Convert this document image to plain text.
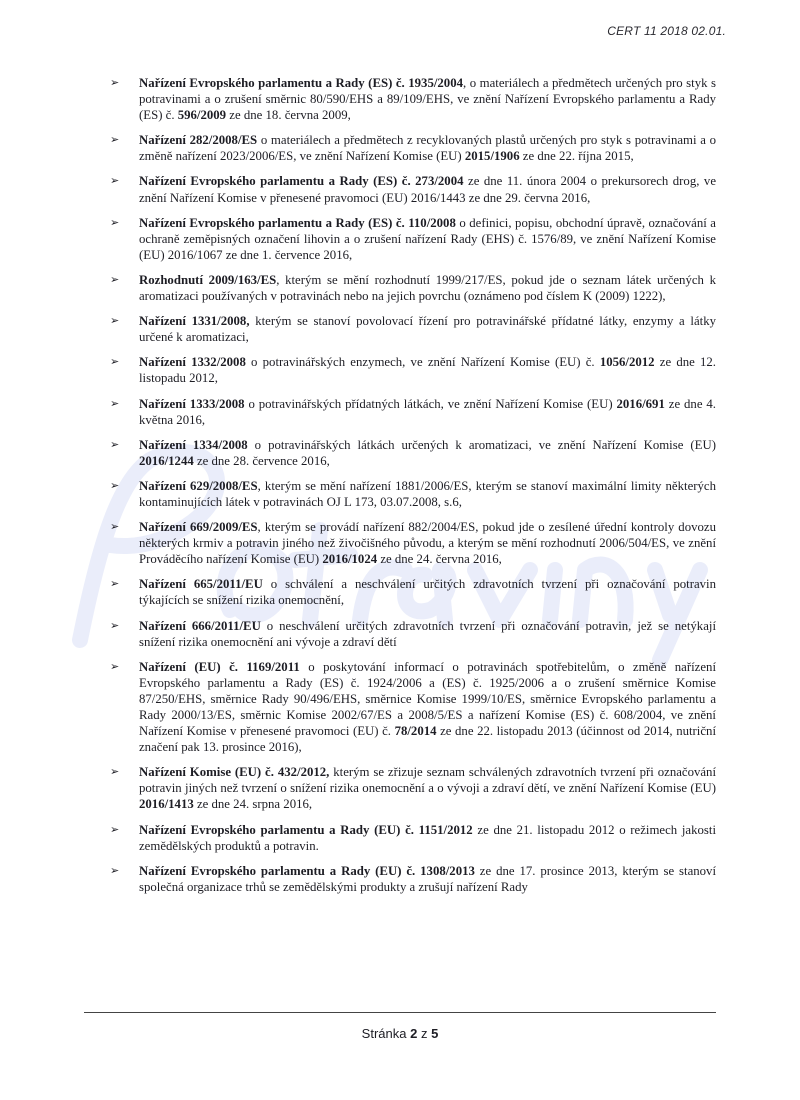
CERT 11 2018 02.01.
➢ Nařízení Evropského parlamentu a Rady (ES) č. 1935/2004, o materiálech a předmětech určených pro styk s potravinami a o zrušení směrnic 80/590/EHS a 89/109/EHS, ve znění Nařízení Evropského parlamentu a Rady (ES) č. 596/2009 ze dne 18. června 2009,
➢ Nařízení 282/2008/ES o materiálech a předmětech z recyklovaných plastů určených pro styk s potravinami a o změně nařízení 2023/2006/ES, ve znění Nařízení Komise (EU) 2015/1906 ze dne 22. října 2015,
➢ Nařízení Evropského parlamentu a Rady (ES) č. 273/2004 ze dne 11. února 2004 o prekursorech drog, ve znění Nařízení Komise v přenesené pravomoci (EU) 2016/1443 ze dne 29. června 2016,
➢ Nařízení Evropského parlamentu a Rady (ES) č. 110/2008 o definici, popisu, obchodní úpravě, označování a ochraně zeměpisných označení lihovin a o zrušení nařízení Rady (EHS) č. 1576/89, ve znění Nařízení Komise (EU) 2016/1067 ze dne 1. července 2016,
➢ Rozhodnutí 2009/163/ES, kterým se mění rozhodnutí 1999/217/ES, pokud jde o seznam látek určených k aromatizaci používaných v potravinách nebo na jejich povrchu (oznámeno pod číslem K (2009) 1222),
➢ Nařízení 1331/2008, kterým se stanoví povolovací řízení pro potravinářské přídatné látky, enzymy a látky určené k aromatizaci,
➢ Nařízení 1332/2008 o potravinářských enzymech, ve znění Nařízení Komise (EU) č. 1056/2012 ze dne 12. listopadu 2012,
➢ Nařízení 1333/2008 o potravinářských přídatných látkách, ve znění Nařízení Komise (EU) 2016/691 ze dne 4. května 2016,
➢ Nařízení 1334/2008 o potravinářských látkách určených k aromatizaci, ve znění Nařízení Komise (EU) 2016/1244 ze dne 28. července 2016,
➢ Nařízení 629/2008/ES, kterým se mění nařízení 1881/2006/ES, kterým se stanoví maximální limity některých kontaminujících látek v potravinách OJ L 173, 03.07.2008, s.6,
➢ Nařízení 669/2009/ES, kterým se provádí nařízení 882/2004/ES, pokud jde o zesílené úřední kontroly dovozu některých krmiv a potravin jiného než živočišného původu, a kterým se mění rozhodnutí 2006/504/ES, ve znění Prováděcího nařízení Komise (EU) 2016/1024 ze dne 24. června 2016,
➢ Nařízení 665/2011/EU o schválení a neschválení určitých zdravotních tvrzení při označování potravin týkajících se snížení rizika onemocnění,
➢ Nařízení 666/2011/EU o neschválení určitých zdravotních tvrzení při označování potravin, jež se netýkají snížení rizika onemocnění ani vývoje a zdraví dětí
➢ Nařízení (EU) č. 1169/2011 o poskytování informací o potravinách spotřebitelům, o změně nařízení Evropského parlamentu a Rady (ES) č. 1924/2006 a (ES) č. 1925/2006 a o zrušení směrnice Komise 87/250/EHS, směrnice Rady 90/496/EHS, směrnice Komise 1999/10/ES, směrnice Evropského parlamentu a Rady 2000/13/ES, směrnic Komise 2002/67/ES a 2008/5/ES a nařízení Komise (ES) č. 608/2004, ve znění Nařízení Komise v přenesené pravomoci (EU) č. 78/2014 ze dne 22. listopadu 2013 (účinnost od 2014, nutriční značení pak 13. prosince 2016),
➢ Nařízení Komise (EU) č. 432/2012, kterým se zřizuje seznam schválených zdravotních tvrzení při označování potravin jiných než tvrzení o snížení rizika onemocnění a o vývoji a zdraví dětí, ve znění Nařízení Komise (EU) 2016/1413 ze dne 24. srpna 2016,
➢ Nařízení Evropského parlamentu a Rady (EU) č. 1151/2012 ze dne 21. listopadu 2012 o režimech jakosti zemědělských produktů a potravin.
➢ Nařízení Evropského parlamentu a Rady (EU) č. 1308/2013 ze dne 17. prosince 2013, kterým se stanoví společná organizace trhů se zemědělskými produkty a zrušují nařízení Rady
Stránka 2 z 5
